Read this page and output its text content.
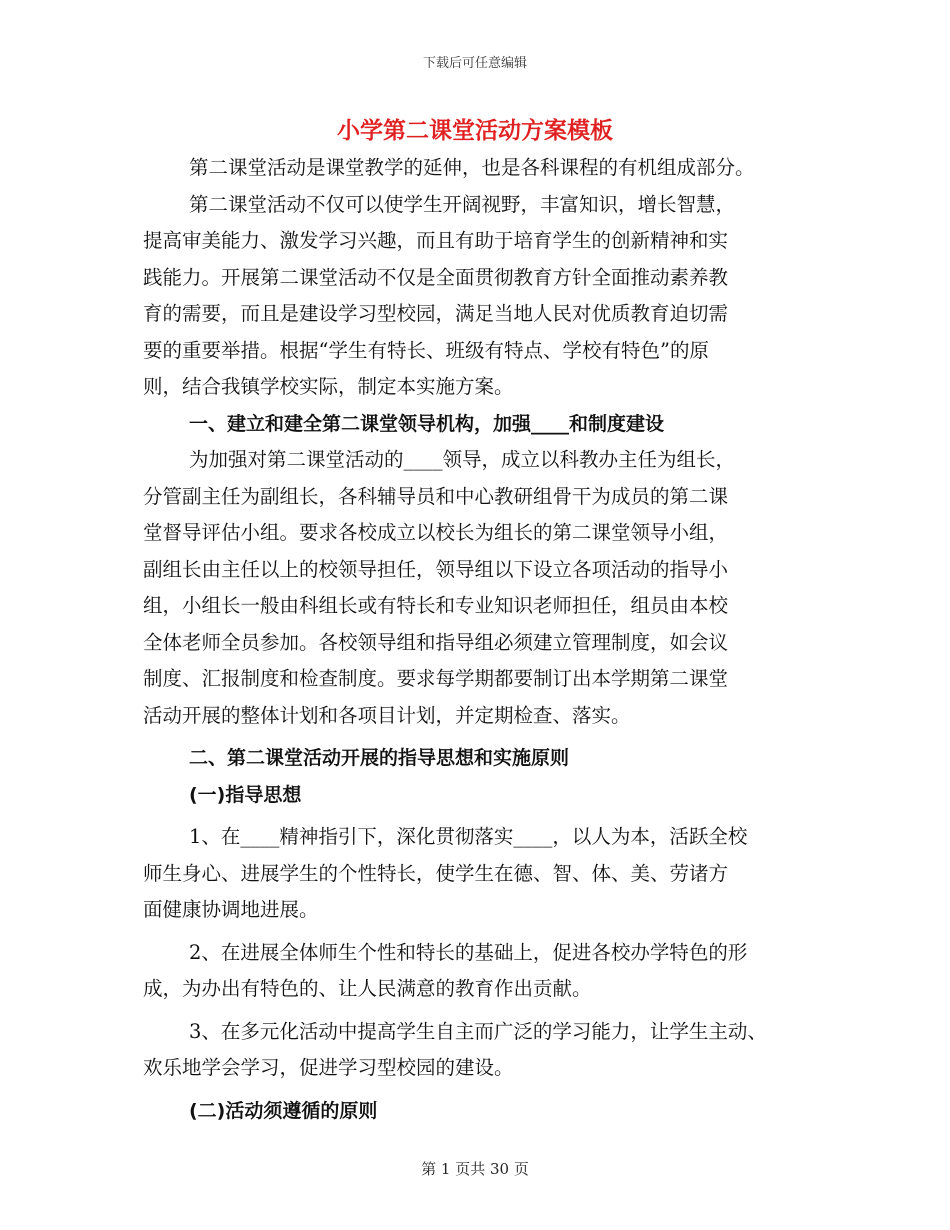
下载后可任意编辑
小学第二课堂活动方案模板
第二课堂活动是课堂教学的延伸，也是各科课程的有机组成部分。
第二课堂活动不仅可以使学生开阔视野，丰富知识，增长智慧，
提高审美能力、激发学习兴趣，而且有助于培育学生的创新精神和实
践能力。开展第二课堂活动不仅是全面贯彻教育方针全面推动素养教
育的需要，而且是建设学习型校园，满足当地人民对优质教育迫切需
要的重要举措。根据“学生有特长、班级有特点、学校有特色”的原
则，结合我镇学校实际，制定本实施方案。
一、建立和建全第二课堂领导机构，加强____和制度建设
为加强对第二课堂活动的____领导，成立以科教办主任为组长，
分管副主任为副组长，各科辅导员和中心教研组骨干为成员的第二课
堂督导评估小组。要求各校成立以校长为组长的第二课堂领导小组，
副组长由主任以上的校领导担任，领导组以下设立各项活动的指导小
组，小组长一般由科组长或有特长和专业知识老师担任，组员由本校
全体老师全员参加。各校领导组和指导组必须建立管理制度，如会议
制度、汇报制度和检查制度。要求每学期都要制订出本学期第二课堂
活动开展的整体计划和各项目计划，并定期检查、落实。
二、第二课堂活动开展的指导思想和实施原则
(一)指导思想
1、在____精神指引下，深化贯彻落实____，以人为本，活跃全校
师生身心、进展学生的个性特长，使学生在德、智、体、美、劳诸方
面健康协调地进展。
2、在进展全体师生个性和特长的基础上，促进各校办学特色的形
成，为办出有特色的、让人民满意的教育作出贡献。
3、在多元化活动中提高学生自主而广泛的学习能力，让学生主动、
欢乐地学会学习，促进学习型校园的建设。
(二)活动须遵循的原则
第 1 页共 30 页
